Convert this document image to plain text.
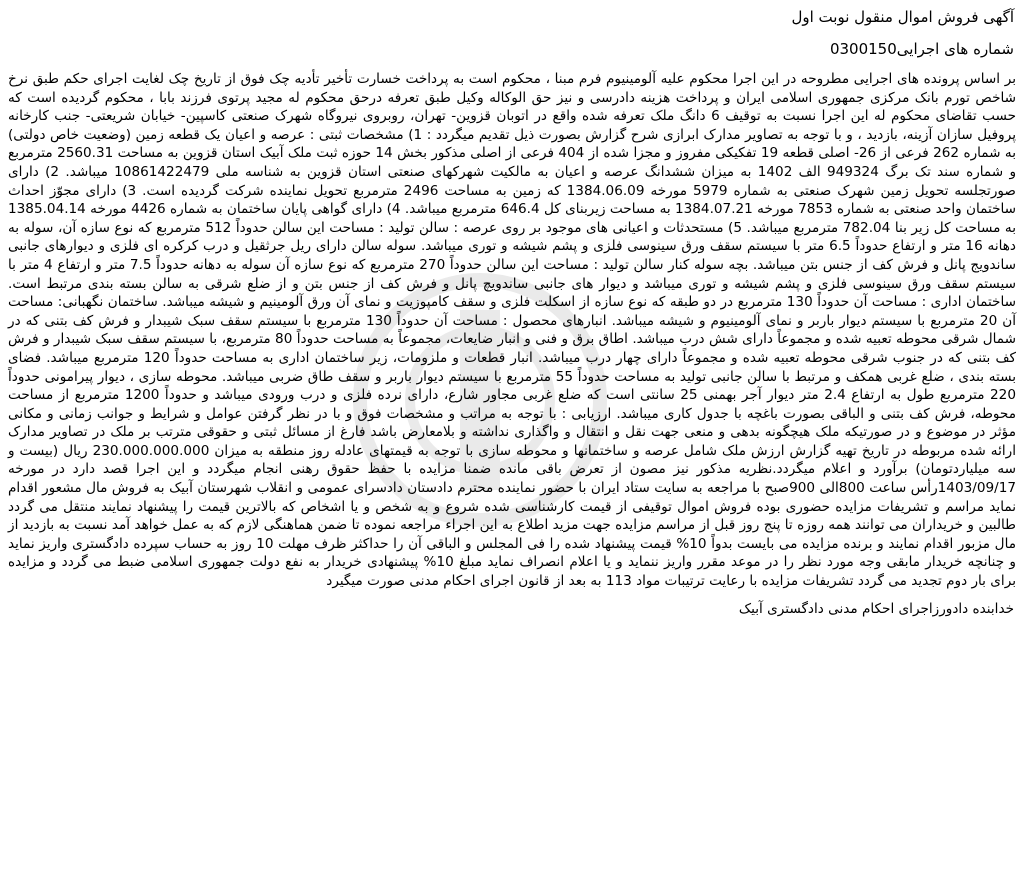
آگهی فروش اموال منقول نوبت اول

شماره های اجرایی0300150

بر اساس پرونده های اجرایی مطروحه در این اجرا محکوم علیه آلومینیوم فرم مبنا ، محکوم است به پرداخت خسارت تأخیر تأدیه چک فوق از تاریخ چک لغایت اجرای حکم طبق نرخ شاخص تورم بانک مرکزی جمهوری اسلامی ایران و پرداخت هزینه دادرسی و نیز حق الوکاله وکیل طبق تعرفه درحق محکوم له مجید پرتوی فرزند بابا ، محکوم گردیده است که حسب تقاضای محکوم له این اجرا نسبت به توقیف 6 دانگ ملک تعرفه شده واقع در اتوبان قزوین- تهران، روبروی نیروگاه شهرک صنعتی کاسپین- خیابان شریعتی- جنب کارخانه پروفیل سازان آزینه، بازدید ، و با توجه به تصاویر مدارک ابرازی شرح گزارش بصورت ذیل تقدیم میگردد : 1) مشخصات ثبتی : عرصه و اعیان یک قطعه زمین (وضعیت خاص دولتی) به شماره 262 فرعی از 26- اصلی قطعه 19 تفکیکی مفروز و مجزا شده از 404 فرعی از اصلی مذکور بخش 14 حوزه ثبت ملک آبیک استان قزوین به مساحت 2560.31 مترمربع و شماره سند تک برگ 949324 الف 1402 به میزان ششدانگ عرصه و اعیان به مالکیت شهرکهای صنعتی استان قزوین به شناسه ملی 10861422479 میباشد. 2) دارای صورتجلسه تحویل زمین شهرک صنعتی به شماره 5979 مورخه 1384.06.09 که زمین به مساحت 2496 مترمربع تحویل نماینده شرکت گردیده است. 3) دارای مجوّز احداث ساختمان واحد صنعتی به شماره 7853 مورخه 1384.07.21 به مساحت زیربنای کل 646.4 مترمربع میباشد. 4) دارای گواهی پایان ساختمان به شماره 4426 مورخه 1385.04.14 به مساحت کل زیر بنا 782.04 مترمربع میباشد. 5) مستحدثات و اعیانی های موجود بر روی عرصه : سالن تولید : مساحت این سالن حدوداً 512 مترمربع که نوع سازه آن، سوله به دهانه 16 متر و ارتفاع حدوداً 6.5 متر با سیستم سقف ورق سینوسی فلزی و پشم شیشه و توری میباشد. سوله سالن دارای ریل جرثقیل و درب کرکره ای فلزی و دیوارهای جانبی ساندویج پانل و فرش کف از جنس بتن میباشد. بچه سوله کنار سالن تولید : مساحت این سالن حدوداً 270 مترمربع که نوع سازه آن سوله به دهانه حدوداً 7.5 متر و ارتفاع 4 متر با سیستم سقف ورق سینوسی فلزی و پشم شیشه و توری میباشد و دیوار های جانبی ساندویچ پانل و فرش کف از جنس بتن و از ضلع شرقی به سالن بسته بندی مرتبط است. ساختمان اداری : مساحت آن حدوداً 130 مترمربع در دو طبقه که نوع سازه از اسکلت فلزی و سقف کامپوزیت و نمای آن ورق آلومینیم و شیشه میباشد. ساختمان نگهبانی: مساحت آن 20 مترمربع با سیستم دیوار باربر و نمای آلومینیوم و شیشه میباشد. انبارهای محصول : مساحت آن حدوداً 130 مترمربع با سیستم سقف سبک شیبدار و فرش کف بتنی که در شمال شرقی محوطه تعبیه شده و مجموعاً دارای شش درب میباشد. اطاق برق و فنی و انبار ضایعات، مجموعاً به مساحت حدوداً 80 مترمربع، با سیستم سقف سبک شیبدار و فرش کف بتنی که در جنوب شرقی محوطه تعبیه شده و مجموعاً دارای چهار درب میباشد. انبار قطعات و ملزومات، زیر ساختمان اداری به مساحت حدوداً 120 مترمربع میباشد. فضای بسته بندی ، ضلع غربی همکف و مرتبط با سالن جانبی تولید به مساحت حدوداً 55 مترمربع با سیستم دیوار باربر و سقف طاق ضربی میباشد. محوطه سازی ، دیوار پیرامونی حدوداً 220 مترمربع طول به ارتفاع 2.4 متر دیوار آجر بهمنی 25 سانتی است که ضلع غربی مجاور شارع، دارای نرده فلزی و درب ورودی میباشد و حدوداً 1200 مترمربع از مساحت محوطه، فرش کف بتنی و الباقی بصورت باغچه با جدول کاری میباشد. ارزیابی : با توجه به مراتب و مشخصات فوق و با در نظر گرفتن عوامل و شرایط و جوانب زمانی و مکانی مؤثر در موضوع و در صورتیکه ملک هیچگونه بدهی و منعی جهت نقل و انتقال و واگذاری نداشته و بلامعارض باشد فارغ از مسائل ثبتی و حقوقی مترتب بر ملک در تصاویر مدارک ارائه شده مربوطه در تاریخ تهیه گزارش ارزش ملک شامل عرصه و ساختمانها و محوطه سازی با توجه به قیمتهای عادله روز منطقه به میزان 230.000.000.000 ریال (بیست و سه میلیاردتومان) برآورد و اعلام میگردد.نظریه مذکور نیز مصون از تعرض باقی مانده ضمنا مزایده با حفظ حقوق رهنی انجام میگردد و این اجرا قصد دارد در مورخه 1403/09/17رأس ساعت 800الی 900صبح با مراجعه به سایت ستاد ایران با حضور نماینده محترم دادستان دادسرای عمومی و انقلاب شهرستان آبیک به فروش مال مشعور اقدام نماید مراسم و تشریفات مزایده حضوری بوده فروش اموال توقیفی از قیمت کارشناسی شده شروع و به شخص و یا اشخاص که بالاترین قیمت را پیشنهاد نمایند منتقل می گردد طالبین و خریداران می توانند همه روزه تا پنج روز قبل از مراسم مزایده جهت مزید اطلاع به این اجراء مراجعه نموده تا ضمن هماهنگی لازم که به عمل خواهد آمد نسبت به بازدید از مال مزبور اقدام نمایند و برنده مزایده می بایست بدواً 10% قیمت پیشنهاد شده را فی المجلس و الباقی آن را حداکثر ظرف مهلت 10 روز به حساب سپرده دادگستری واریز نماید و چنانچه خریدار مابقی وجه مورد نظر را در موعد مقرر واریز ننماید و یا اعلام انصراف نماید مبلغ 10% پیشنهادی خریدار به نفع دولت جمهوری اسلامی ضبط می گردد و مزایده برای بار دوم تجدید می گردد تشریفات مزایده با رعایت ترتیبات مواد 113 به بعد از قانون اجرای احکام مدنی صورت میگیرد
خدابنده دادورزاجرای احکام مدنی دادگستری آبیک
